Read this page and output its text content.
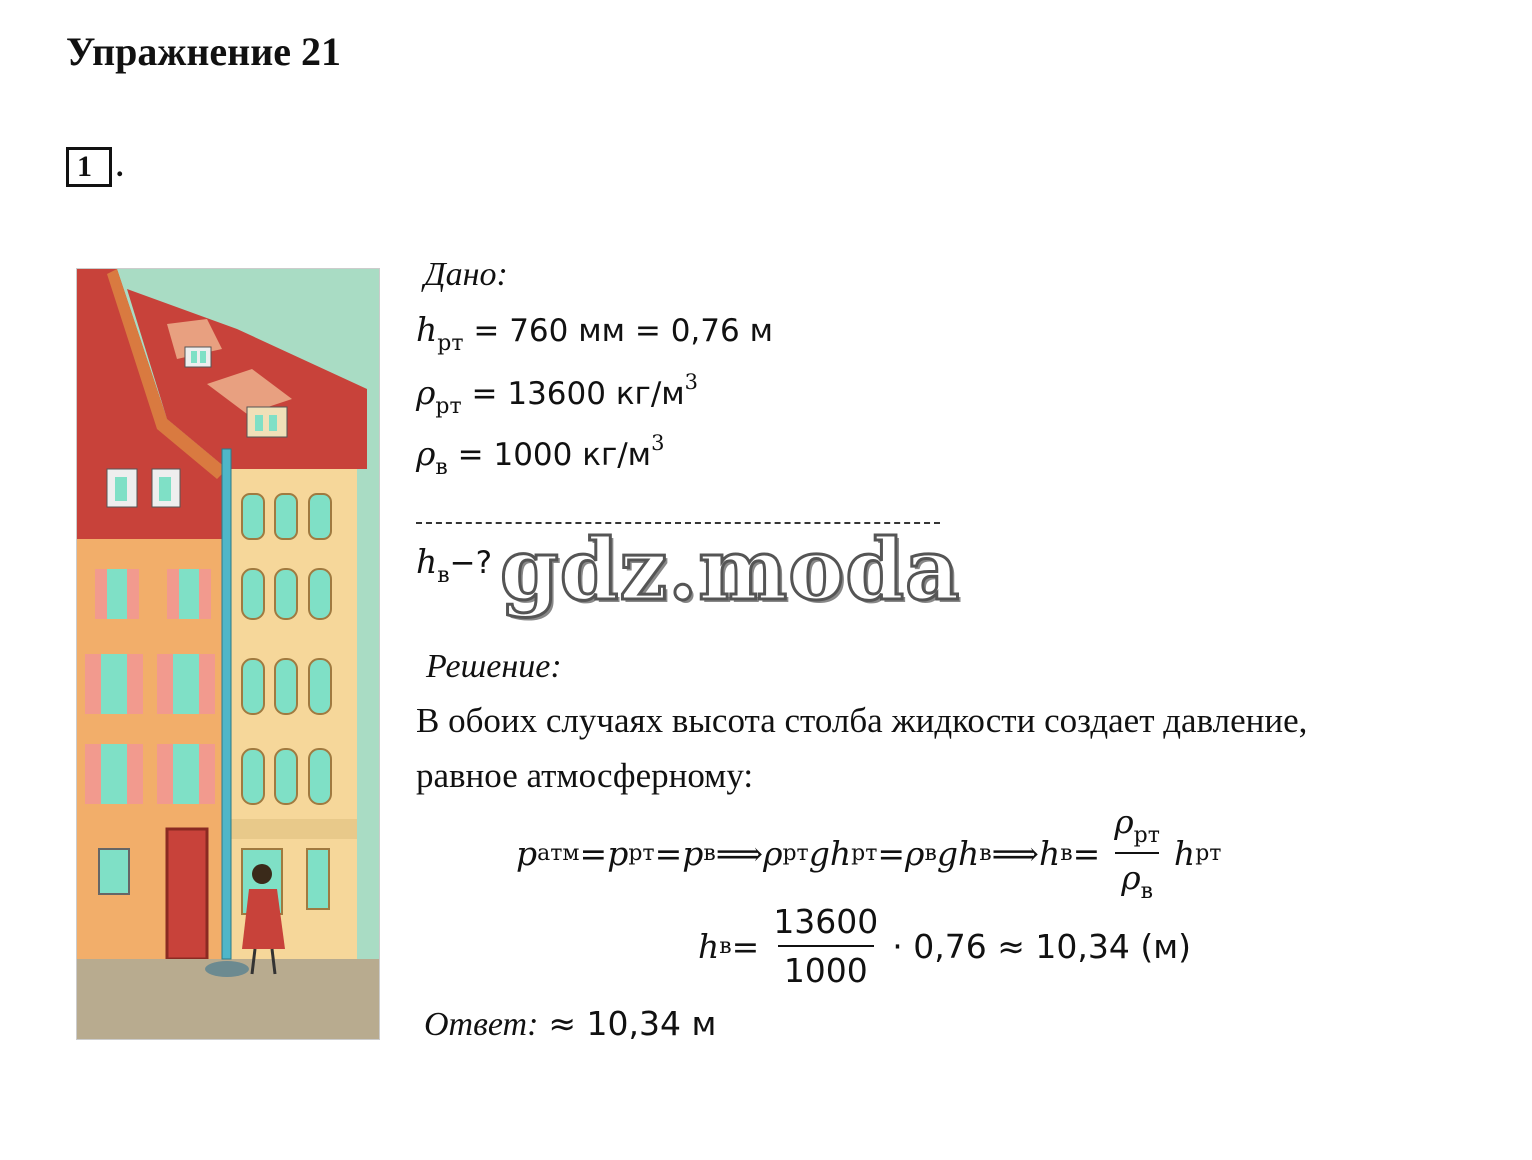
Упражнение 21
1 .
Дано:
$h_{рт} = 760$ мм = 0,76 м
$\rho_{рт} = 13600$ $кг/м^3$
$\rho_в = 1000$ $кг/м^3$
$h_в-$? gdz.moda
Решение:
В обоих случаях высота столба жидкости создает давление,
равное атмосферному:
p атм = p рт = p в ⟹ ρ рт g h рт = ρ в g h в ⟹ h $в = \frac{\rho_{рт}}{\rho_в}$ h рт
h $в = \frac{13600}{1000} \cdot 0,76 \approx 10,34$ (м)
Ответ: ≈ 10,34 м
